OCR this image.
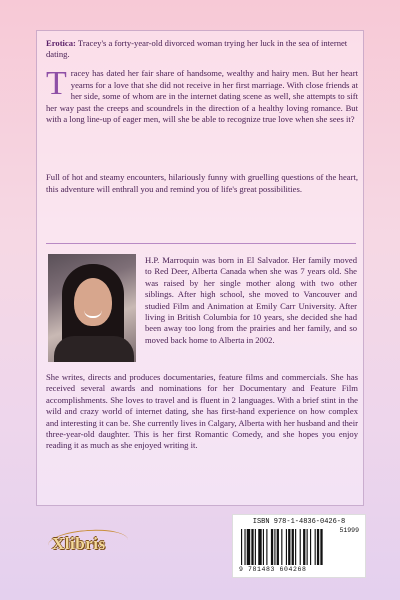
Erotica: Tracey's a forty-year-old divorced woman trying her luck in the sea of internet dating.
Tracey has dated her fair share of handsome, wealthy and hairy men. But her heart yearns for a love that she did not receive in her first marriage. With close friends at her side, some of whom are in the internet dating scene as well, she attempts to sift her way past the creeps and scoundrels in the direction of a healthy loving romance. But with a long line-up of eager men, will she be able to recognize true love when she sees it?
Full of hot and steamy encounters, hilariously funny with gruelling questions of the heart, this adventure will enthrall you and remind you of life's great possibilities.
H.P. Marroquin was born in El Salvador. Her family moved to Red Deer, Alberta Canada when she was 7 years old. She was raised by her single mother along with two other siblings. After high school, she moved to Vancouver and studied Film and Animation at Emily Carr University. After living in British Columbia for 10 years, she decided she had been away too long from the prairies and her family, and so moved back home to Alberta in 2002.
She writes, directs and produces documentaries, feature films and commercials. She has received several awards and nominations for her Documentary and Feature Film accomplishments. She loves to travel and is fluent in 2 languages. With a brief stint in the wild and crazy world of internet dating, she has first-hand experience on how complex and interesting it can be. She currently lives in Calgary, Alberta with her husband and their three-year-old daughter. This is her first Romantic Comedy, and she hopes you enjoy reading it as much as she enjoyed writing it.
ISBN 978-1-4836-0426-8
51999
9 781483 604268
Xlibris
